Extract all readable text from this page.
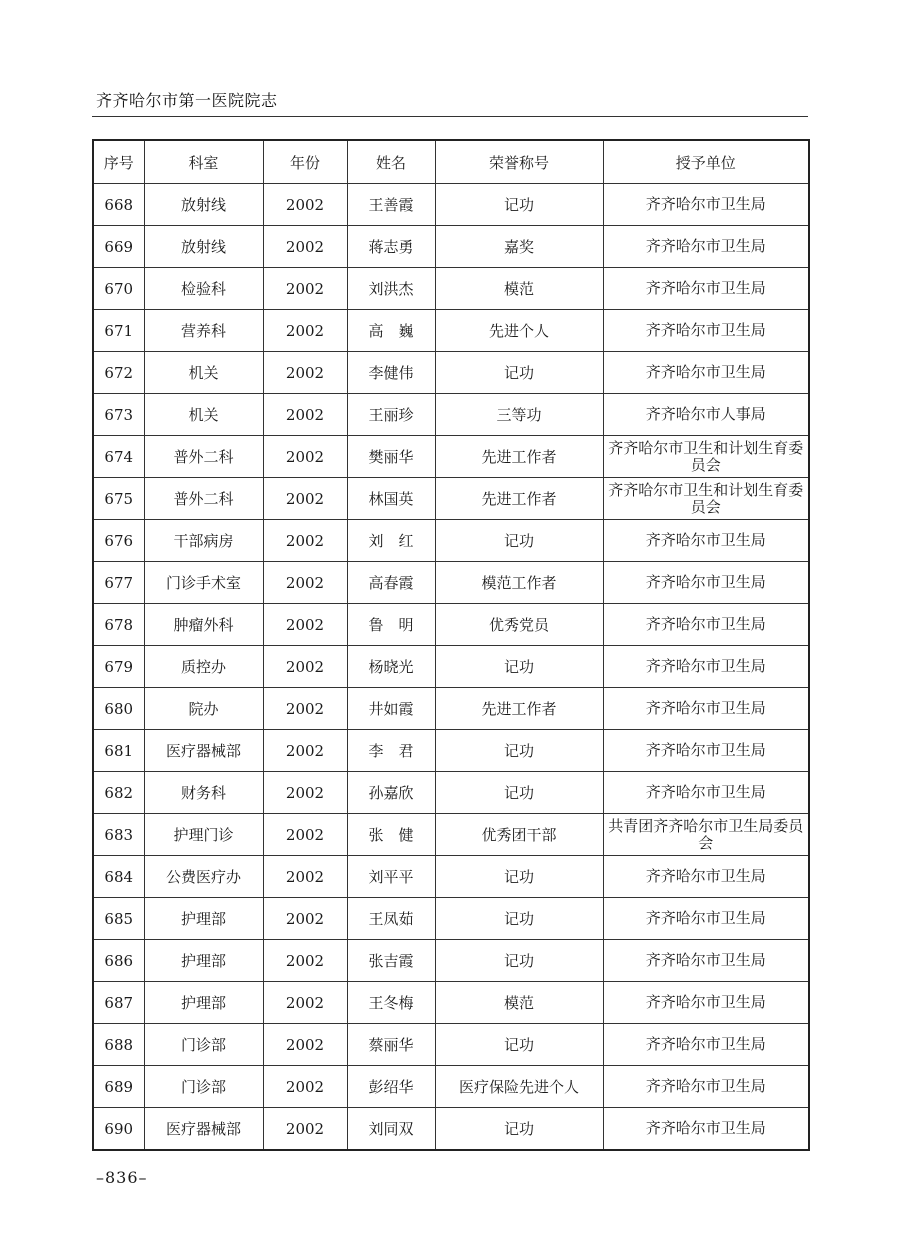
齐齐哈尔市第一医院院志
序号	科室	年份	姓名	荣誉称号	授予单位
668	放射线	2002	王善霞	记功	齐齐哈尔市卫生局
669	放射线	2002	蒋志勇	嘉奖	齐齐哈尔市卫生局
670	检验科	2002	刘洪杰	模范	齐齐哈尔市卫生局
671	营养科	2002	高　巍	先进个人	齐齐哈尔市卫生局
672	机关	2002	李健伟	记功	齐齐哈尔市卫生局
673	机关	2002	王丽珍	三等功	齐齐哈尔市人事局
674	普外二科	2002	樊丽华	先进工作者	齐齐哈尔市卫生和计划生育委员会
675	普外二科	2002	林国英	先进工作者	齐齐哈尔市卫生和计划生育委员会
676	干部病房	2002	刘　红	记功	齐齐哈尔市卫生局
677	门诊手术室	2002	高春霞	模范工作者	齐齐哈尔市卫生局
678	肿瘤外科	2002	鲁　明	优秀党员	齐齐哈尔市卫生局
679	质控办	2002	杨晓光	记功	齐齐哈尔市卫生局
680	院办	2002	井如霞	先进工作者	齐齐哈尔市卫生局
681	医疗器械部	2002	李　君	记功	齐齐哈尔市卫生局
682	财务科	2002	孙嘉欣	记功	齐齐哈尔市卫生局
683	护理门诊	2002	张　健	优秀团干部	共青团齐齐哈尔市卫生局委员会
684	公费医疗办	2002	刘平平	记功	齐齐哈尔市卫生局
685	护理部	2002	王凤茹	记功	齐齐哈尔市卫生局
686	护理部	2002	张吉霞	记功	齐齐哈尔市卫生局
687	护理部	2002	王冬梅	模范	齐齐哈尔市卫生局
688	门诊部	2002	蔡丽华	记功	齐齐哈尔市卫生局
689	门诊部	2002	彭绍华	医疗保险先进个人	齐齐哈尔市卫生局
690	医疗器械部	2002	刘同双	记功	齐齐哈尔市卫生局
–836–
